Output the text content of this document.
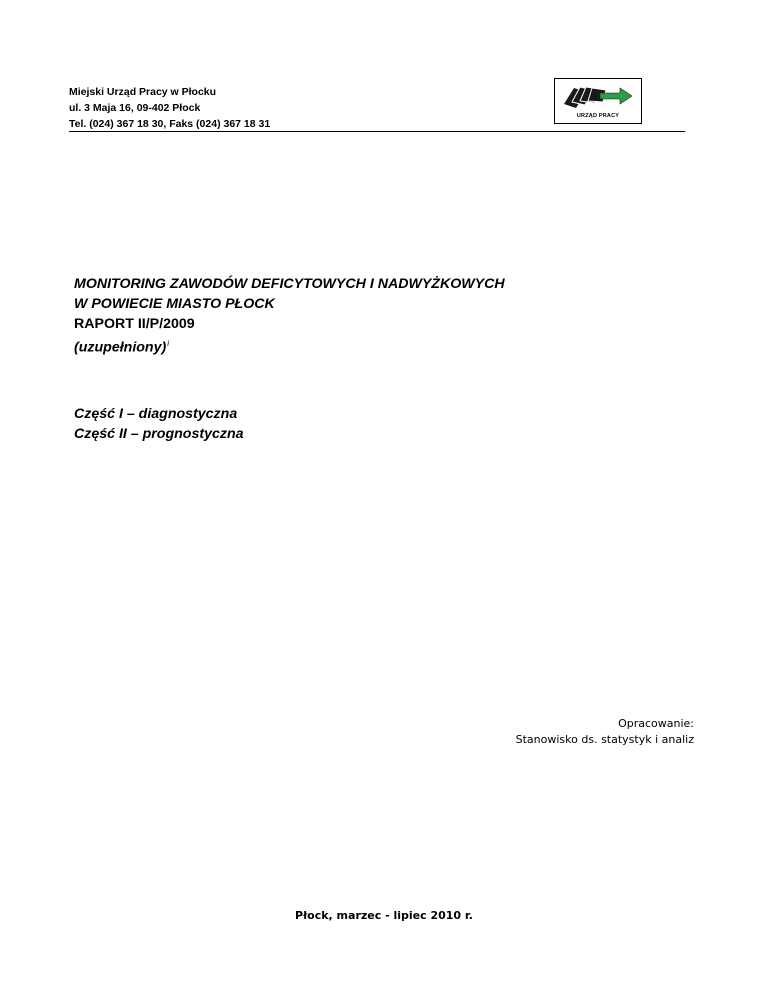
Miejski Urząd Pracy w Płocku
ul. 3 Maja 16, 09-402 Płock
Tel. (024) 367 18 30, Faks (024) 367 18 31
URZĄD PRACY
MONITORING ZAWODÓW DEFICYTOWYCH I NADWYŻKOWYCH
W POWIECIE MIASTO PŁOCK
RAPORT II/P/2009
(uzupełniony)$^i$
Część I – diagnostyczna
Część II – prognostyczna
Opracowanie:
Stanowisko ds. statystyk i analiz
Płock, marzec - lipiec 2010 r.
